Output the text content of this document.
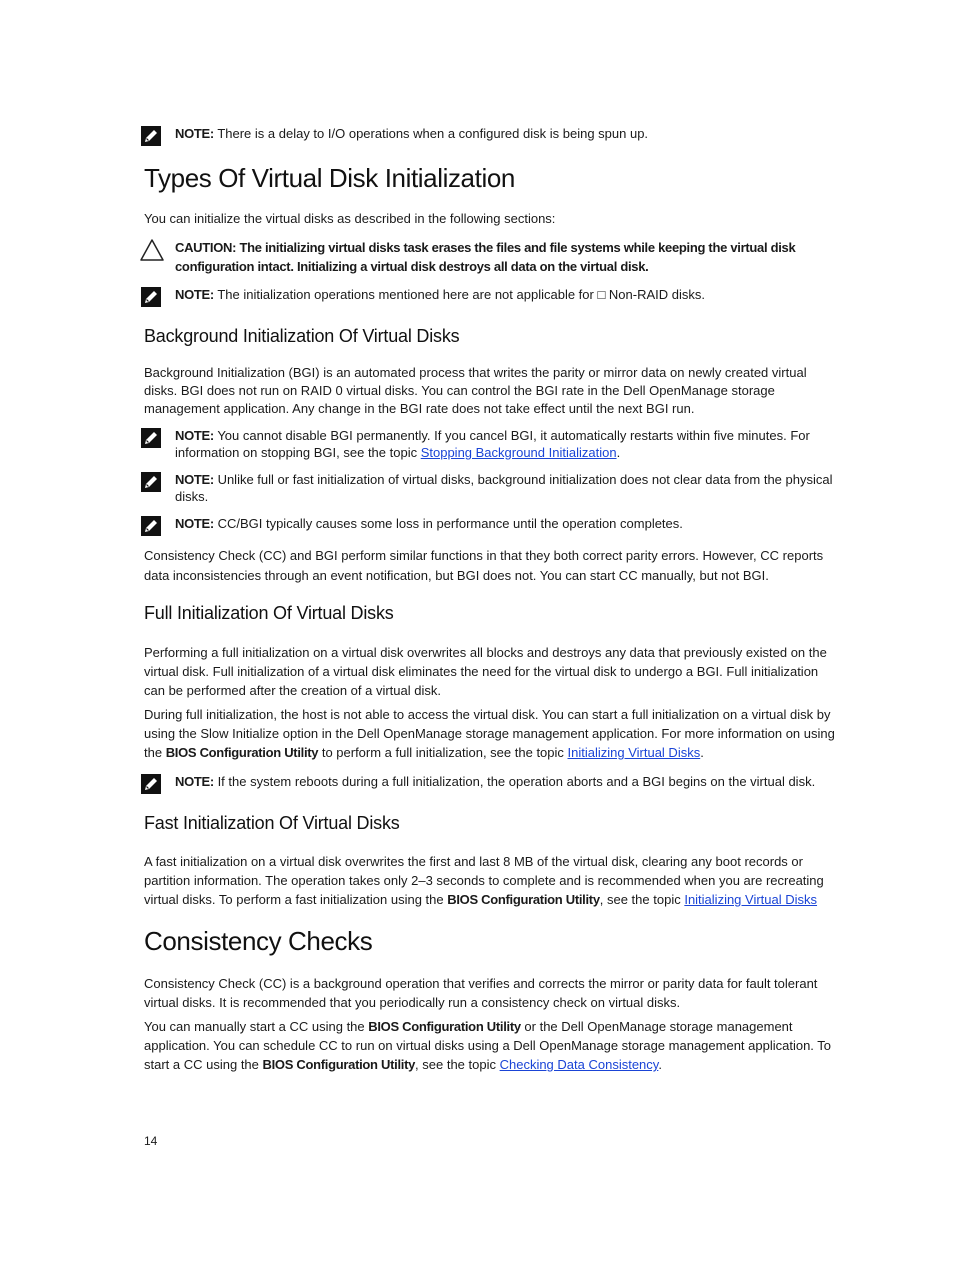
NOTE: There is a delay to I/O operations when a configured disk is being spun up.
Types Of Virtual Disk Initialization

You can initialize the virtual disks as described in the following sections:

CAUTION: The initializing virtual disks task erases the files and file systems while keeping the virtual disk configuration intact. Initializing a virtual disk destroys all data on the virtual disk.
NOTE: The initialization operations mentioned here are not applicable for □ Non-RAID disks.
Background Initialization Of Virtual Disks

Background Initialization (BGI) is an automated process that writes the parity or mirror data on newly created virtual disks. BGI does not run on RAID 0 virtual disks. You can control the BGI rate in the Dell OpenManage storage management application. Any change in the BGI rate does not take effect until the next BGI run.

NOTE: You cannot disable BGI permanently. If you cancel BGI, it automatically restarts within five minutes. For information on stopping BGI, see the topic Stopping Background Initialization.
NOTE: Unlike full or fast initialization of virtual disks, background initialization does not clear data from the physical disks.
NOTE: CC/BGI typically causes some loss in performance until the operation completes.

Consistency Check (CC) and BGI perform similar functions in that they both correct parity errors. However, CC reports data inconsistencies through an event notification, but BGI does not. You can start CC manually, but not BGI.

Full Initialization Of Virtual Disks

Performing a full initialization on a virtual disk overwrites all blocks and destroys any data that previously existed on the virtual disk. Full initialization of a virtual disk eliminates the need for the virtual disk to undergo a BGI. Full initialization can be performed after the creation of a virtual disk.

During full initialization, the host is not able to access the virtual disk. You can start a full initialization on a virtual disk by using the Slow Initialize option in the Dell OpenManage storage management application. For more information on using the BIOS Configuration Utility to perform a full initialization, see the topic Initializing Virtual Disks.

NOTE: If the system reboots during a full initialization, the operation aborts and a BGI begins on the virtual disk.
Fast Initialization Of Virtual Disks

A fast initialization on a virtual disk overwrites the first and last 8 MB of the virtual disk, clearing any boot records or partition information. The operation takes only 2–3 seconds to complete and is recommended when you are recreating virtual disks. To perform a fast initialization using the BIOS Configuration Utility, see the topic Initializing Virtual Disks

Consistency Checks

Consistency Check (CC) is a background operation that verifies and corrects the mirror or parity data for fault tolerant virtual disks. It is recommended that you periodically run a consistency check on virtual disks.

You can manually start a CC using the BIOS Configuration Utility or the Dell OpenManage storage management application. You can schedule CC to run on virtual disks using a Dell OpenManage storage management application. To start a CC using the BIOS Configuration Utility, see the topic Checking Data Consistency.

14
